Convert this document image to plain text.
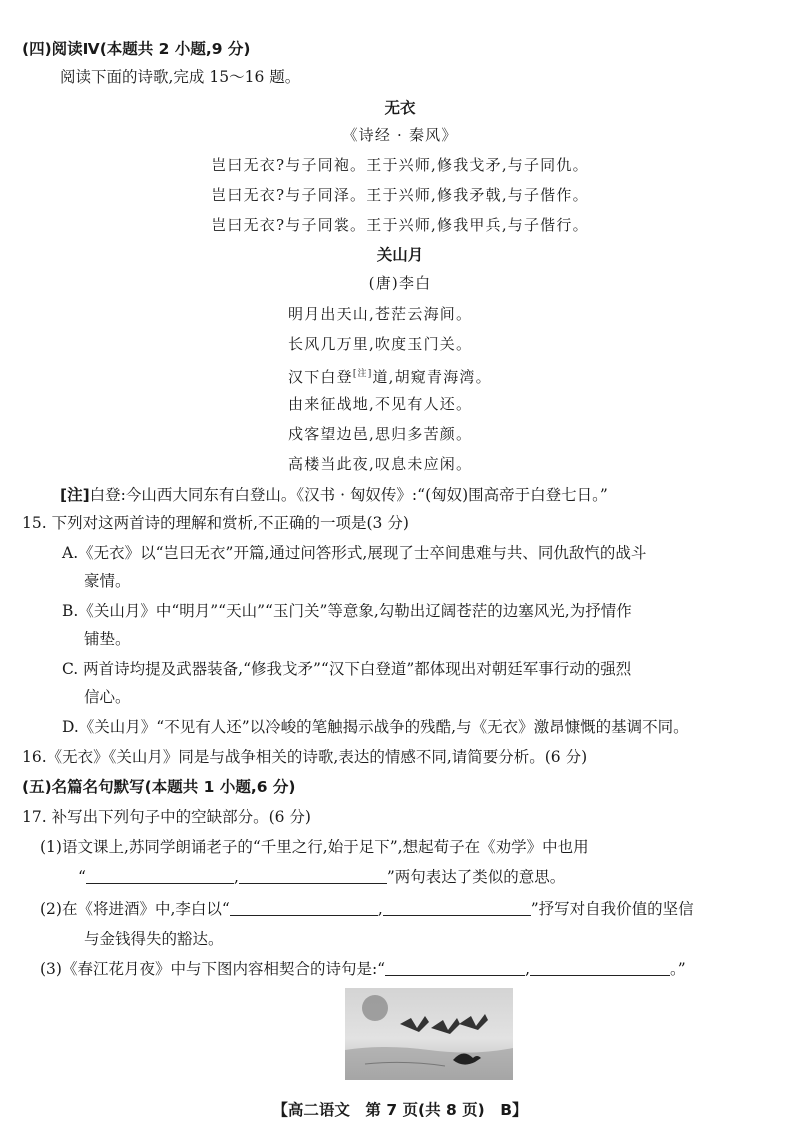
(四)阅读Ⅳ(本题共 2 小题,9 分)
阅读下面的诗歌,完成 15～16 题。
无衣
《诗经 · 秦风》
岂曰无衣?与子同袍。王于兴师,修我戈矛,与子同仇。
岂曰无衣?与子同泽。王于兴师,修我矛戟,与子偕作。
岂曰无衣?与子同裳。王于兴师,修我甲兵,与子偕行。
关山月
(唐)李白
明月出天山,苍茫云海间。
长风几万里,吹度玉门关。
汉下白登[注]道,胡窥青海湾。
由来征战地,不见有人还。
戍客望边邑,思归多苦颜。
高楼当此夜,叹息未应闲。
[注]白登:今山西大同东有白登山。《汉书 · 匈奴传》:“(匈奴)围高帝于白登七日。”
15. 下列对这两首诗的理解和赏析,不正确的一项是(3 分)
A.《无衣》以“岂曰无衣”开篇,通过问答形式,展现了士卒间患难与共、同仇敌忾的战斗
豪情。
B.《关山月》中“明月”“天山”“玉门关”等意象,勾勒出辽阔苍茫的边塞风光,为抒情作
铺垫。
C. 两首诗均提及武器装备,“修我戈矛”“汉下白登道”都体现出对朝廷军事行动的强烈
信心。
D.《关山月》“不见有人还”以冷峻的笔触揭示战争的残酷,与《无衣》激昂慷慨的基调不同。
16.《无衣》《关山月》同是与战争相关的诗歌,表达的情感不同,请简要分析。(6 分)
(五)名篇名句默写(本题共 1 小题,6 分)
17. 补写出下列句子中的空缺部分。(6 分)
(1)语文课上,苏同学朗诵老子的“千里之行,始于足下”,想起荀子在《劝学》中也用
“	,	”两句表达了类似的意思。
(2)在《将进酒》中,李白以“	,	”抒写对自我价值的坚信
与金钱得失的豁达。
(3)《春江花月夜》中与下图内容相契合的诗句是:“	,	。”
【高二语文　第 7 页(共 8 页)　B】
